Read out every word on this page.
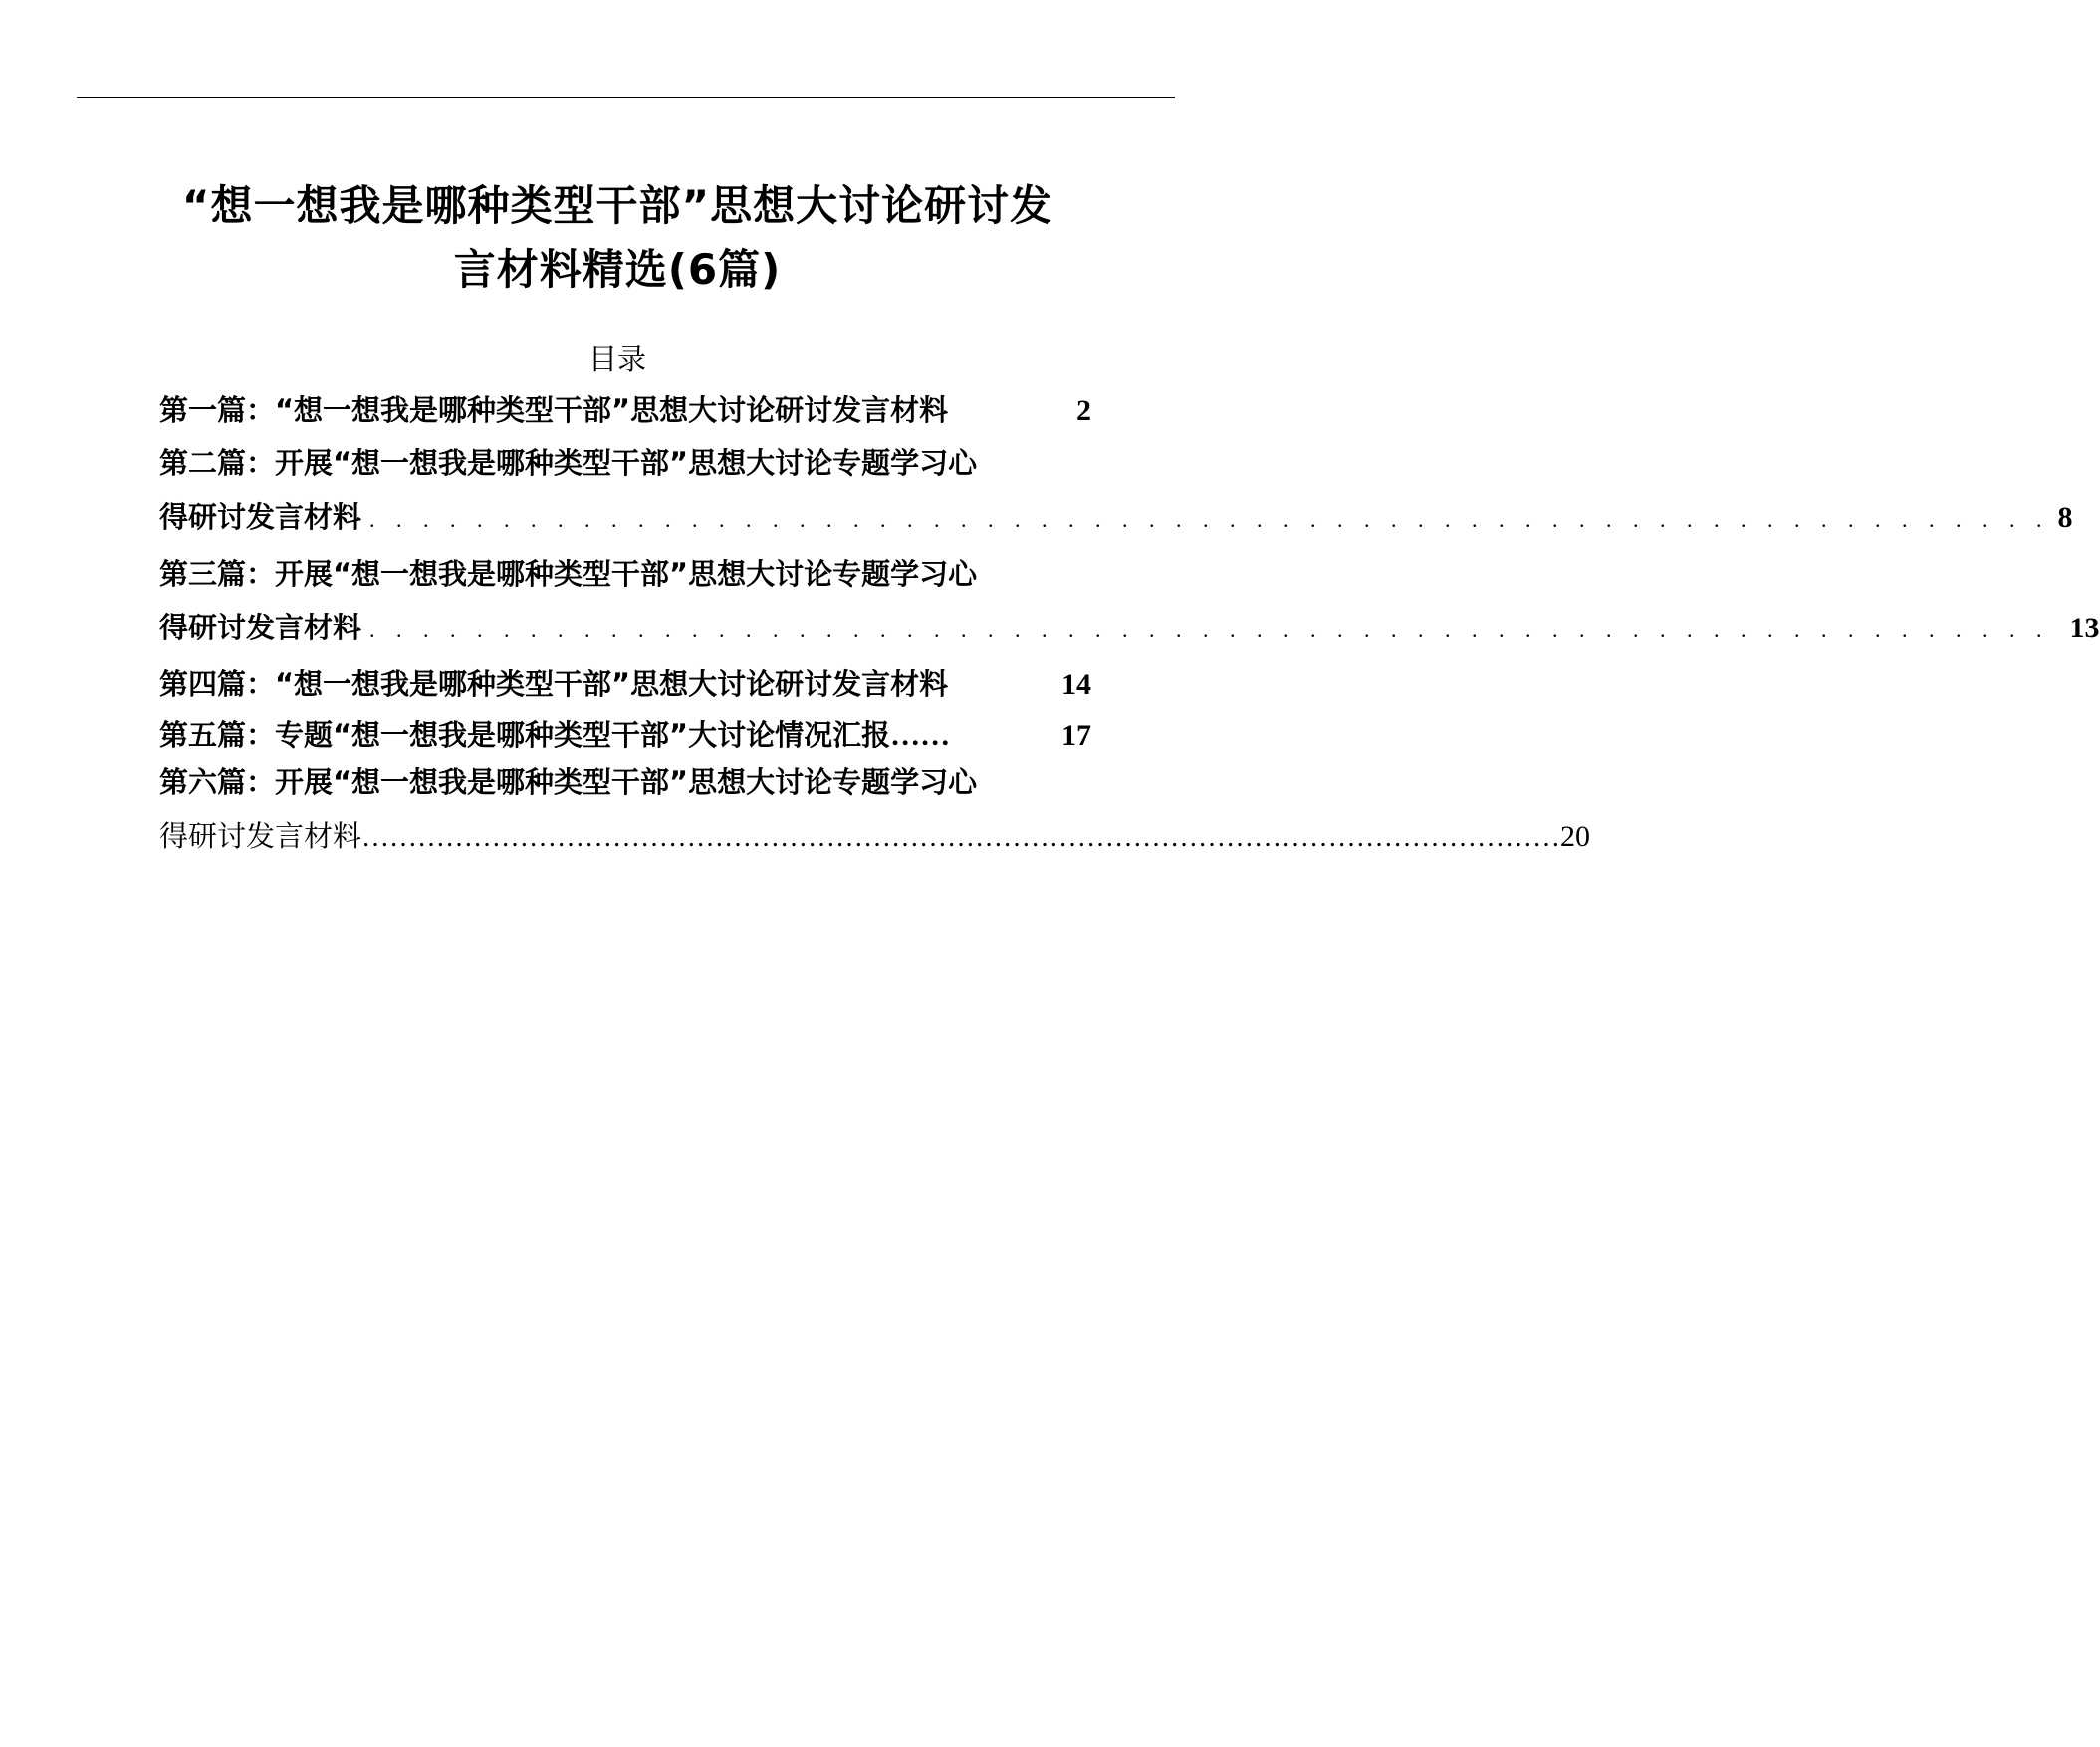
“想一想我是哪种类型干部”思想大讨论研讨发
言材料精选(6篇)
目录
第一篇：“想一想我是哪种类型干部”思想大讨论研讨发言材料	2
第二篇：开展“想一想我是哪种类型干部”思想大讨论专题学习心
得研讨发言材料 . . . . . . . . . . . . . . . . . . . . . . . . . . . . . . . . . . . . . . . . . . . . . . . . . . . . . . . . . . . . . . . 8
第三篇：开展“想一想我是哪种类型干部”思想大讨论专题学习心
得研讨发言材料 . . . . . . . . . . . . . . . . . . . . . . . . . . . . . . . . . . . . . . . . . . . . . . . . . . . . . . . . . . . . . . . 13
第四篇：“想一想我是哪种类型干部”思想大讨论研讨发言材料	14
第五篇：专题“想一想我是哪种类型干部”大讨论情况汇报 ……	17
第六篇：开展“想一想我是哪种类型干部”思想大讨论专题学习心
得研讨发言材料 ………………………………………………………………………………………………………………… 20
